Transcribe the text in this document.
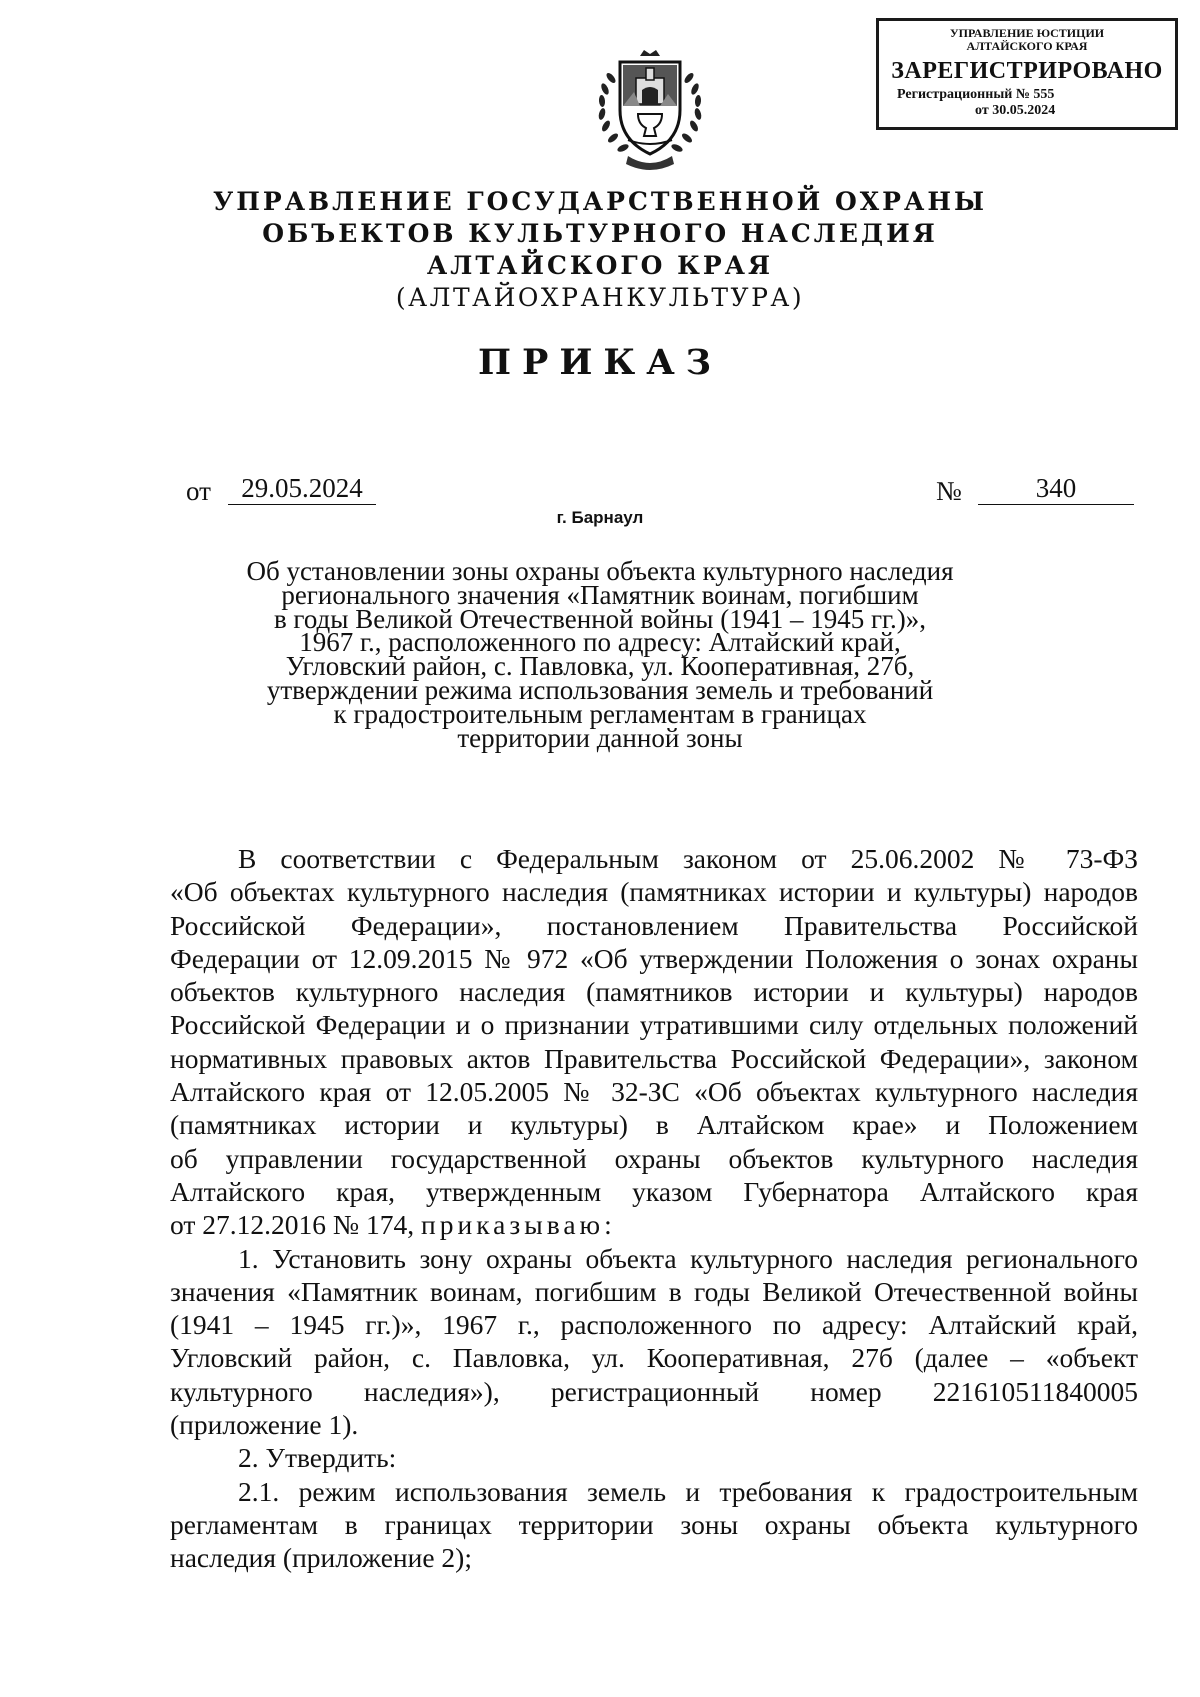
УПРАВЛЕНИЕ ЮСТИЦИИ
АЛТАЙСКОГО КРАЯ
ЗАРЕГИСТРИРОВАНО
Регистрационный № 555
от 30.05.2024
УПРАВЛЕНИЕ ГОСУДАРСТВЕННОЙ ОХРАНЫ
ОБЪЕКТОВ КУЛЬТУРНОГО НАСЛЕДИЯ
АЛТАЙСКОГО КРАЯ
(АЛТАЙОХРАНКУЛЬТУРА)
ПРИКАЗ
от	29.05.2024	№	340
г. Барнаул
Об установлении зоны охраны объекта культурного наследия
регионального значения «Памятник воинам, погибшим
в годы Великой Отечественной войны (1941 – 1945 гг.)»,
1967 г., расположенного по адресу: Алтайский край,
Угловский район, с. Павловка, ул. Кооперативная, 27б,
утверждении режима использования земель и требований
к градостроительным регламентам в границах
территории данной зоны
В соответствии с Федеральным законом от 25.06.2002 № 73-ФЗ
«Об объектах культурного наследия (памятниках истории и культуры) народов
Российской Федерации», постановлением Правительства Российской
Федерации от 12.09.2015 № 972 «Об утверждении Положения о зонах охраны
объектов культурного наследия (памятников истории и культуры) народов
Российской Федерации и о признании утратившими силу отдельных положений
нормативных правовых актов Правительства Российской Федерации», законом
Алтайского края от 12.05.2005 № 32-ЗС «Об объектах культурного наследия
(памятниках истории и культуры) в Алтайском крае» и Положением
об управлении государственной охраны объектов культурного наследия
Алтайского края, утвержденным указом Губернатора Алтайского края
от 27.12.2016 № 174, приказываю:
1. Установить зону охраны объекта культурного наследия регионального
значения «Памятник воинам, погибшим в годы Великой Отечественной войны
(1941 – 1945 гг.)», 1967 г., расположенного по адресу: Алтайский край,
Угловский район, с. Павловка, ул. Кооперативная, 27б (далее – «объект
культурного наследия»), регистрационный номер 221610511840005
(приложение 1).
2. Утвердить:
2.1. режим использования земель и требования к градостроительным
регламентам в границах территории зоны охраны объекта культурного
наследия (приложение 2);
